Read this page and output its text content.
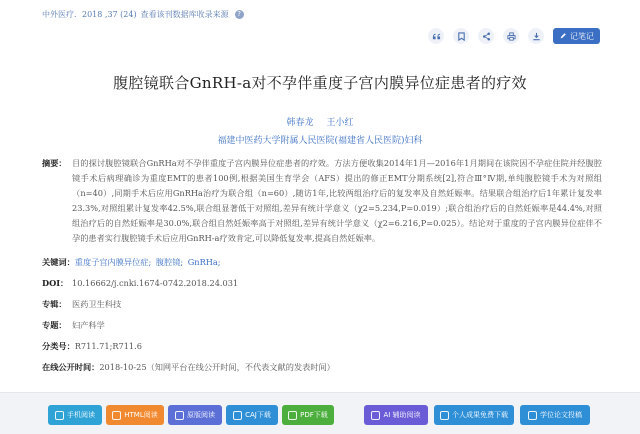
中外医疗．2018 ,37 (24) 查看该刊数据库收录来源	?
记笔记
腹腔镜联合GnRH-a对不孕伴重度子宫内膜异位症患者的疗效
韩春龙 王小红
福建中医药大学附属人民医院(福建省人民医院)妇科
摘要： 目的探讨腹腔镜联合GnRHa对不孕伴重度子宫内膜异位症患者的疗效。方法方便收集2014年1月—2016年1月期间在该院因不孕症住院并经腹腔镜手术后病理确诊为重度EMT的患者100例,根据美国生育学会（AFS）提出的修正EMT分期系统[2],符合Ⅲ°Ⅳ期,单纯腹腔镜手术为对照组（n=40）,同期手术后应用GnRHa治疗为联合组（n=60）,随访1年,比较两组治疗后的复发率及自然妊娠率。结果联合组治疗后1年累计复发率23.3%,对照组累计复发率42.5%,联合组显著低于对照组,差异有统计学意义（χ2=5.234,P=0.019）;联合组治疗后的自然妊娠率是44.4%,对照组治疗后的自然妊娠率是30.0%,联合组自然妊娠率高于对照组,差异有统计学意义（χ2=6.216,P=0.025）。结论对于重度的子宫内膜异位症伴不孕的患者实行腹腔镜手术后应用GnRH-a疗效肯定,可以降低复发率,提高自然妊娠率。
关键词： 重度子宫内膜异位症; 腹腔镜; GnRHa;
DOI： 10.16662/j.cnki.1674-0742.2018.24.031
专辑： 医药卫生科技
专题： 妇产科学
分类号： R711.71;R711.6
在线公开时间： 2018-10-25（知网平台在线公开时间，不代表文献的发表时间）
手机阅读	HTML阅读	原版阅读	CAJ下载	PDF下载	AI 辅助阅读	个人成果免费下载	学位论文投稿
